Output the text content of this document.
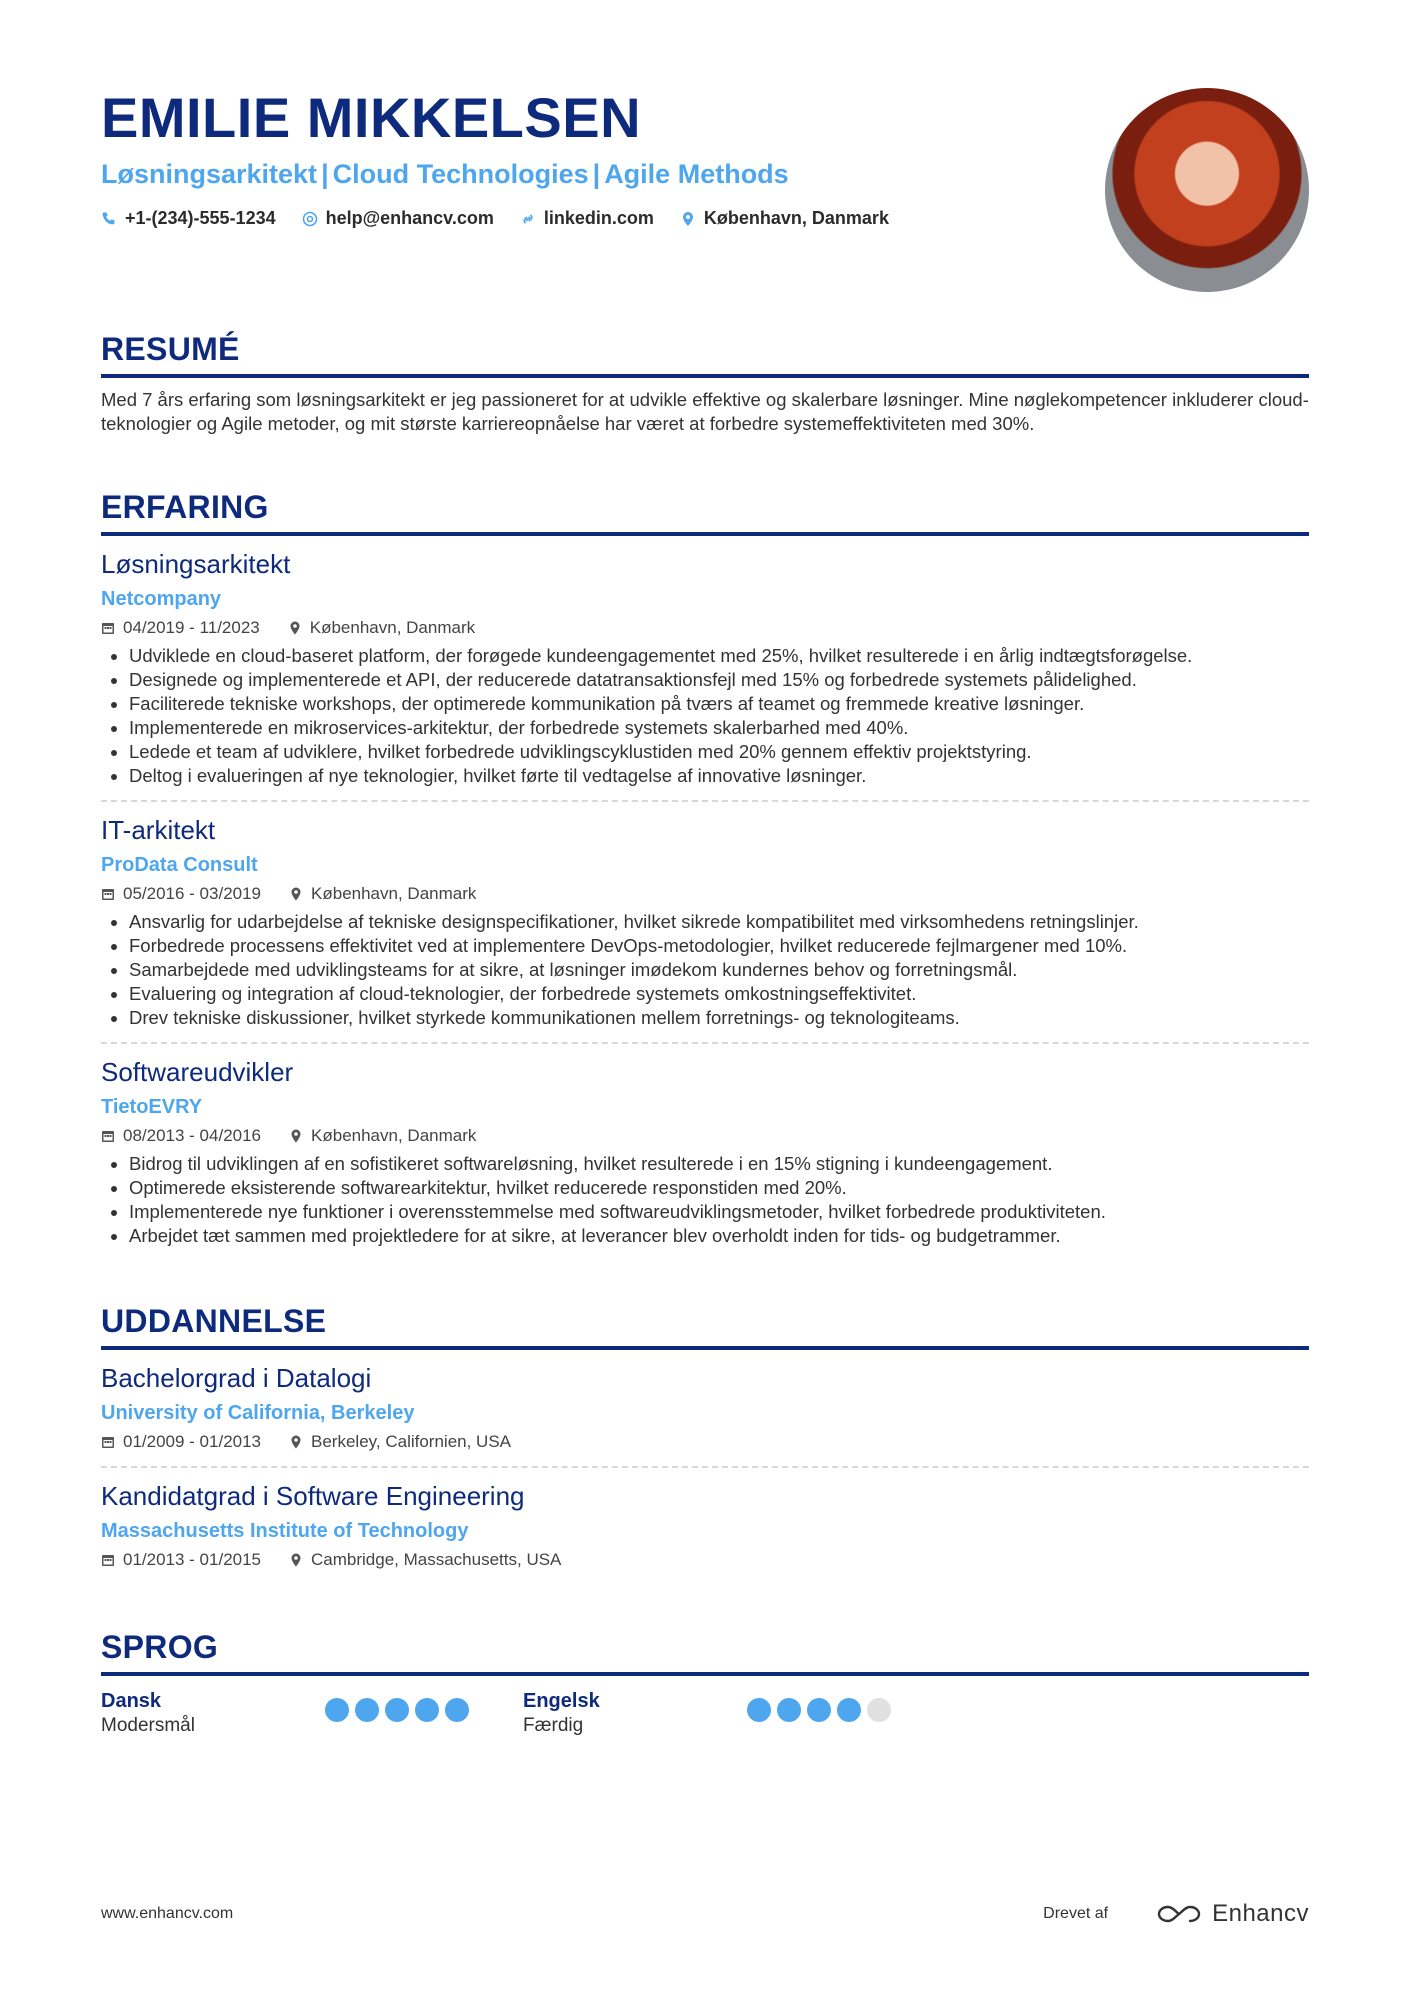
EMILIE MIKKELSEN
Løsningsarkitekt | Cloud Technologies | Agile Methods
+1-(234)-555-1234	help@enhancv.com	linkedin.com	København, Danmark
RESUMÉ
Med 7 års erfaring som løsningsarkitekt er jeg passioneret for at udvikle effektive og skalerbare løsninger. Mine nøglekompetencer inkluderer cloud-teknologier og Agile metoder, og mit største karriereopnåelse har været at forbedre systemeffektiviteten med 30%.
ERFARING
Løsningsarkitekt
Netcompany
04/2019 - 11/2023	København, Danmark
• Udviklede en cloud-baseret platform, der forøgede kundeengagementet med 25%, hvilket resulterede i en årlig indtægtsforøgelse.
• Designede og implementerede et API, der reducerede datatransaktionsfejl med 15% og forbedrede systemets pålidelighed.
• Faciliterede tekniske workshops, der optimerede kommunikation på tværs af teamet og fremmede kreative løsninger.
• Implementerede en mikroservices-arkitektur, der forbedrede systemets skalerbarhed med 40%.
• Ledede et team af udviklere, hvilket forbedrede udviklingscyklustiden med 20% gennem effektiv projektstyring.
• Deltog i evalueringen af nye teknologier, hvilket førte til vedtagelse af innovative løsninger.
IT-arkitekt
ProData Consult
05/2016 - 03/2019	København, Danmark
• Ansvarlig for udarbejdelse af tekniske designspecifikationer, hvilket sikrede kompatibilitet med virksomhedens retningslinjer.
• Forbedrede processens effektivitet ved at implementere DevOps-metodologier, hvilket reducerede fejlmargener med 10%.
• Samarbejdede med udviklingsteams for at sikre, at løsninger imødekom kundernes behov og forretningsmål.
• Evaluering og integration af cloud-teknologier, der forbedrede systemets omkostningseffektivitet.
• Drev tekniske diskussioner, hvilket styrkede kommunikationen mellem forretnings- og teknologiteams.
Softwareudvikler
TietoEVRY
08/2013 - 04/2016	København, Danmark
• Bidrog til udviklingen af en sofistikeret softwareløsning, hvilket resulterede i en 15% stigning i kundeengagement.
• Optimerede eksisterende softwarearkitektur, hvilket reducerede responstiden med 20%.
• Implementerede nye funktioner i overensstemmelse med softwareudviklingsmetoder, hvilket forbedrede produktiviteten.
• Arbejdet tæt sammen med projektledere for at sikre, at leverancer blev overholdt inden for tids- og budgetrammer.
UDDANNELSE
Bachelorgrad i Datalogi
University of California, Berkeley
01/2009 - 01/2013	Berkeley, Californien, USA
Kandidatgrad i Software Engineering
Massachusetts Institute of Technology
01/2013 - 01/2015	Cambridge, Massachusetts, USA
SPROG
Dansk
Modersmål
Engelsk
Færdig
www.enhancv.com	Drevet af	Enhancv
